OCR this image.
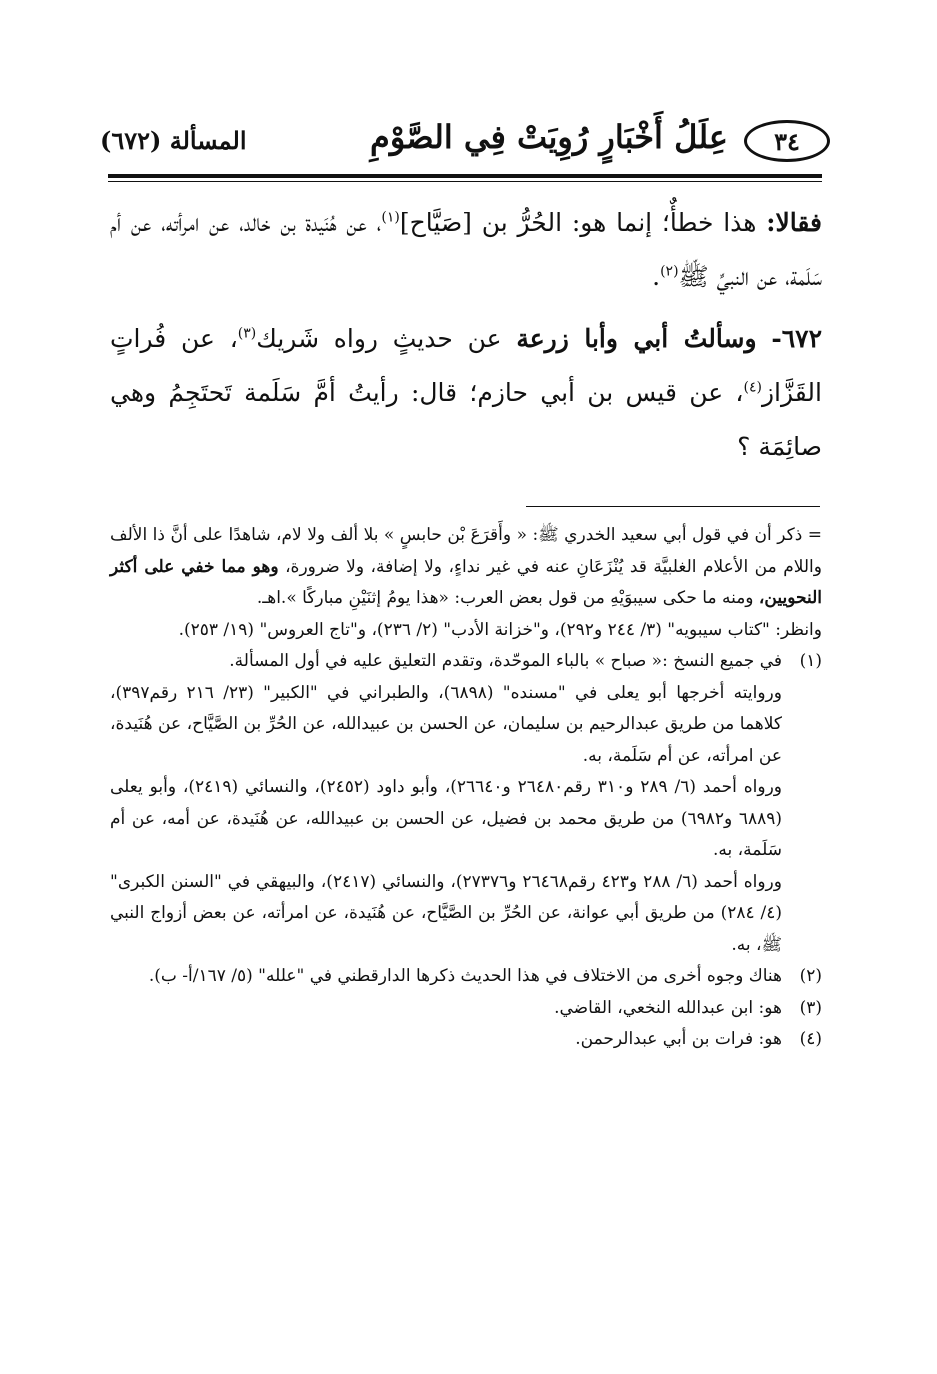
٣٤
عِلَلُ أَخْبَارٍ رُوِيَتْ فِي الصَّوْمِ
المسألة (٦٧٢)

فقالا: هذا خطأٌ؛ إنما هو: الحُرُّ بن [صَيَّاح]$^{(١)}$، عن هُنَيدة بن خالد، عن امرأته، عن أم سَلَمة، عن النبيِّ ﷺ$^{(٢)}$.

٦٧٢- وسألتُ أبي وأبا زرعة عن حديثٍ رواه شَريك$^{(٣)}$، عن فُراتٍ القَزَّاز$^{(٤)}$، عن قيس بن أبي حازم؛ قال: رأيتُ أمَّ سَلَمة تَحتَجِمُ وهي صائِمَة ؟

= ذكر أن في قول أبي سعيد الخدري ﷺ: « وأَقرَعَ بْن حابسٍ » بلا ألف ولا لام، شاهدًا على أنَّ ذا الألف واللام من الأعلام الغلبيَّة قد يُنْزَعَانِ عنه في غير نداءٍ، ولا إضافة، ولا ضرورة، وهو مما خفي على أكثر النحويين، ومنه ما حكى سيبوَيْهِ من قول بعض العرب: «هذا يومُ إثنَيْنِ مباركًا ».اهـ.

وانظر: "كتاب سيبويه" (٣/ ٢٤٤ و٢٩٢)، و"خزانة الأدب" (٢/ ٢٣٦)، و"تاج العروس" (١٩/ ٢٥٣).

(١)

في جميع النسخ :« صباح » بالباء الموحّدة، وتقدم التعليق عليه في أول المسألة.

وروايته أخرجها أبو يعلى في "مسنده" (٦٨٩٨)، والطبراني في "الكبير" (٢٣/ ٢١٦ رقم٣٩٧)، كلاهما من طريق عبدالرحيم بن سليمان، عن الحسن بن عبيدالله، عن الحُرِّ بن الصَّيَّاح، عن هُنَيدة، عن امرأته، عن أم سَلَمة، به.

ورواه أحمد (٦/ ٢٨٩ و٣١٠ رقم٢٦٤٨٠ و٢٦٦٤٠)، وأبو داود (٢٤٥٢)، والنسائي (٢٤١٩)، وأبو يعلى (٦٨٨٩ و٦٩٨٢) من طريق محمد بن فضيل، عن الحسن بن عبيدالله، عن هُنَيدة، عن أمه، عن أم سَلَمة، به.

ورواه أحمد (٦/ ٢٨٨ و٤٢٣ رقم٢٦٤٦٨ و٢٧٣٧٦)، والنسائي (٢٤١٧)، والبيهقي في "السنن الكبرى"(٤/ ٢٨٤) من طريق أبي عوانة، عن الحُرِّ بن الصَّيَّاح، عن هُنَيدة، عن امرأته، عن بعض أزواج النبي ﷺ، به.

(٢)

هناك وجوه أخرى من الاختلاف في هذا الحديث ذكرها الدارقطني في "علله" (٥/ ١٦٧/أ- ب).

(٣)

هو: ابن عبدالله النخعي، القاضي.

(٤)

هو: فرات بن أبي عبدالرحمن.
